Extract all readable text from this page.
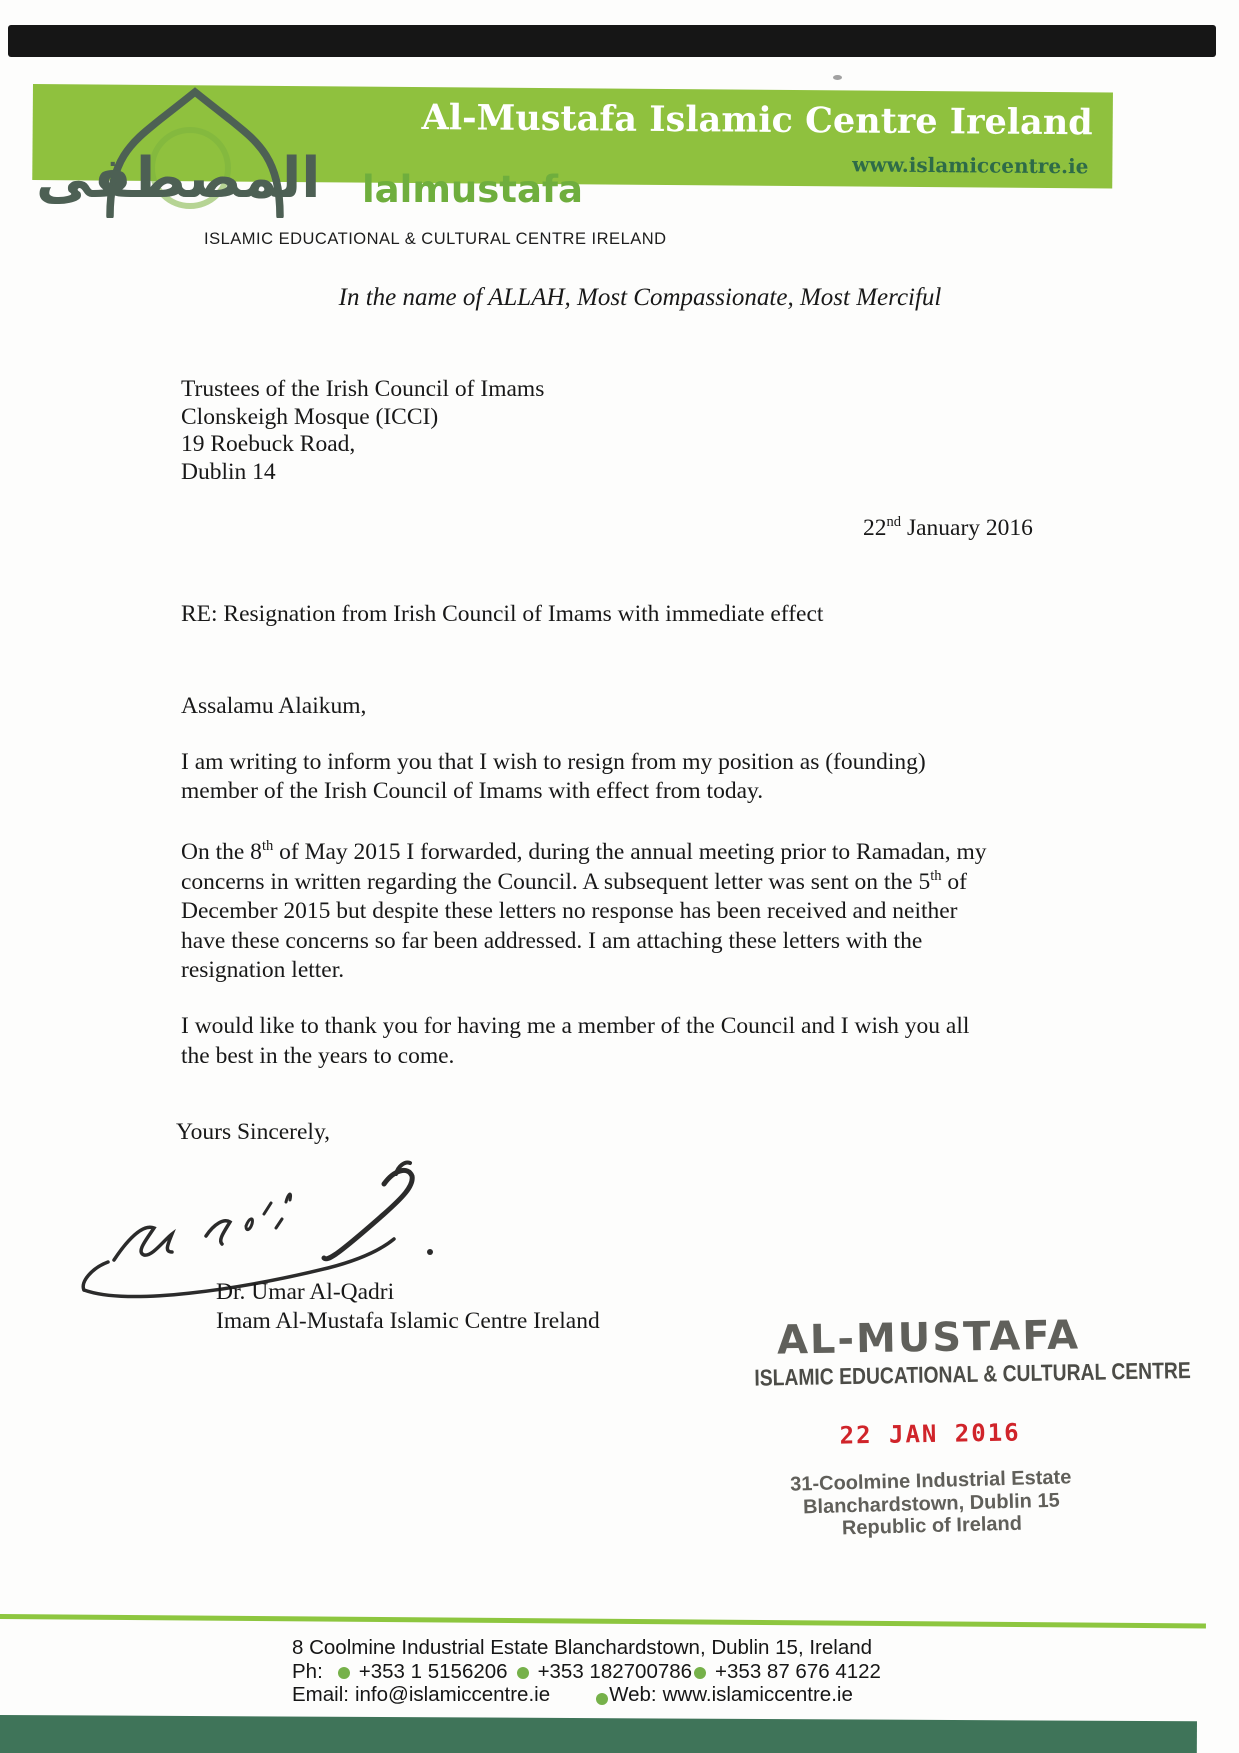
Al-Mustafa Islamic Centre Ireland
www.islamiccentre.ie
المصطفى lalmustafa
ISLAMIC EDUCATIONAL & CULTURAL CENTRE IRELAND
In the name of ALLAH, Most Compassionate, Most Merciful
Trustees of the Irish Council of Imams
Clonskeigh Mosque (ICCI)
19 Roebuck Road,
Dublin 14
22nd January 2016
RE: Resignation from Irish Council of Imams with immediate effect
Assalamu Alaikum,
I am writing to inform you that I wish to resign from my position as (founding)
member of the Irish Council of Imams with effect from today.
On the 8th of May 2015 I forwarded, during the annual meeting prior to Ramadan, my
concerns in written regarding the Council. A subsequent letter was sent on the 5th of
December 2015 but despite these letters no response has been received and neither
have these concerns so far been addressed. I am attaching these letters with the
resignation letter.
I would like to thank you for having me a member of the Council and I wish you all
the best in the years to come.
Yours Sincerely,
Dr. Umar Al-Qadri
Imam Al-Mustafa Islamic Centre Ireland	AL-MUSTAFA
ISLAMIC EDUCATIONAL & CULTURAL CENTRE
22 JAN 2016
31-Coolmine Industrial Estate
Blanchardstown, Dublin 15
Republic of Ireland
8 Coolmine Industrial Estate Blanchardstown, Dublin 15, Ireland
Ph: +353 1 5156206 +353 182700786 +353 87 676 4122
Email: info@islamiccentre.ie	Web: www.islamiccentre.ie
